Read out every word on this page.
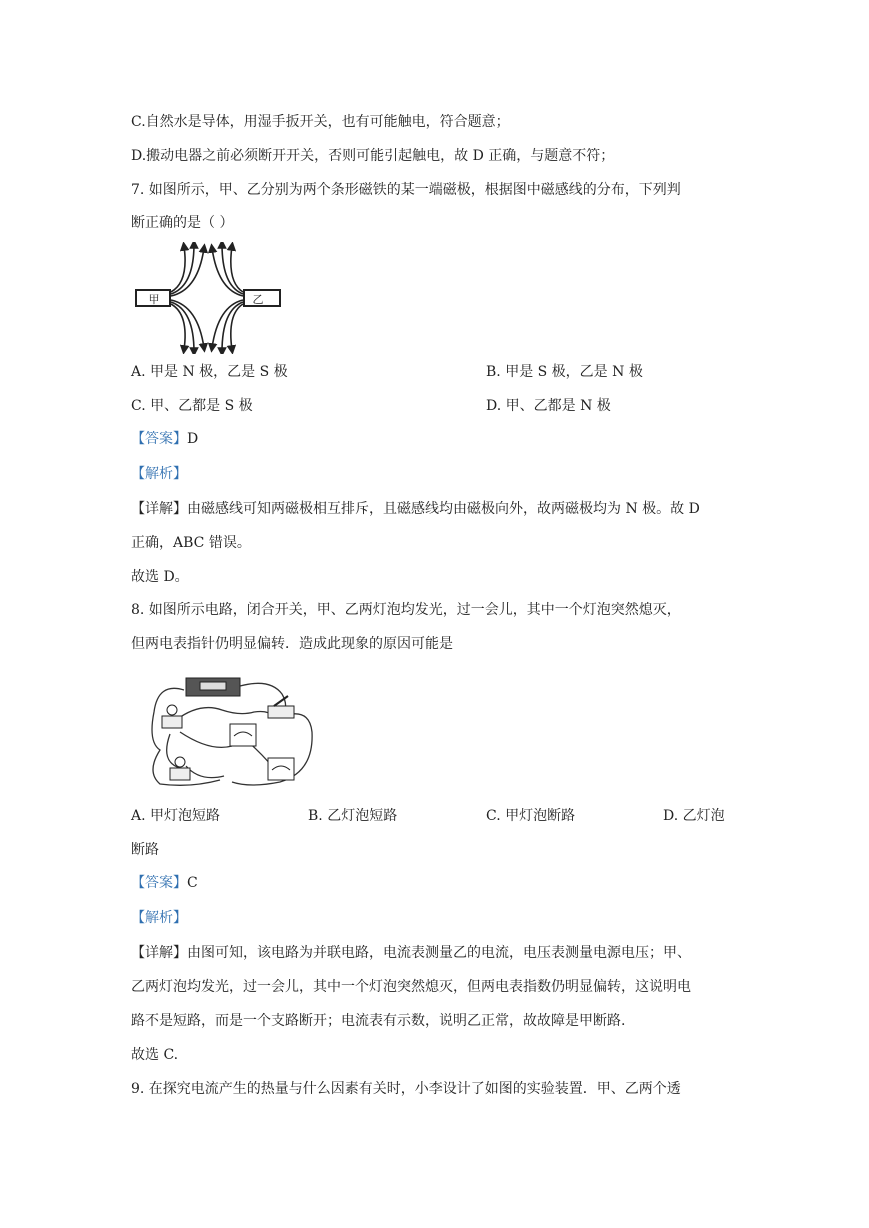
C.自然水是导体，用湿手扳开关，也有可能触电，符合题意；
D.搬动电器之前必须断开开关，否则可能引起触电，故 D 正确，与题意不符；
7. 如图所示，甲、乙分别为两个条形磁铁的某一端磁极，根据图中磁感线的分布，下列判
断正确的是（ ）
甲	乙
A. 甲是 N 极，乙是 S 极	B. 甲是 S 极，乙是 N 极
C. 甲、乙都是 S 极	D. 甲、乙都是 N 极
【答案】D
【解析】
【详解】由磁感线可知两磁极相互排斥，且磁感线均由磁极向外，故两磁极均为 N 极。故 D
正确，ABC 错误。
故选 D。
8. 如图所示电路，闭合开关，甲、乙两灯泡均发光，过一会儿，其中一个灯泡突然熄灭，
但两电表指针仍明显偏转．造成此现象的原因可能是
A. 甲灯泡短路	B. 乙灯泡短路	C. 甲灯泡断路	D. 乙灯泡
断路
【答案】C
【解析】
【详解】由图可知，该电路为并联电路，电流表测量乙的电流，电压表测量电源电压；甲、
乙两灯泡均发光，过一会儿，其中一个灯泡突然熄灭，但两电表指数仍明显偏转，这说明电
路不是短路，而是一个支路断开；电流表有示数，说明乙正常，故故障是甲断路.
故选 C.
9. 在探究电流产生的热量与什么因素有关时，小李设计了如图的实验装置．甲、乙两个透
